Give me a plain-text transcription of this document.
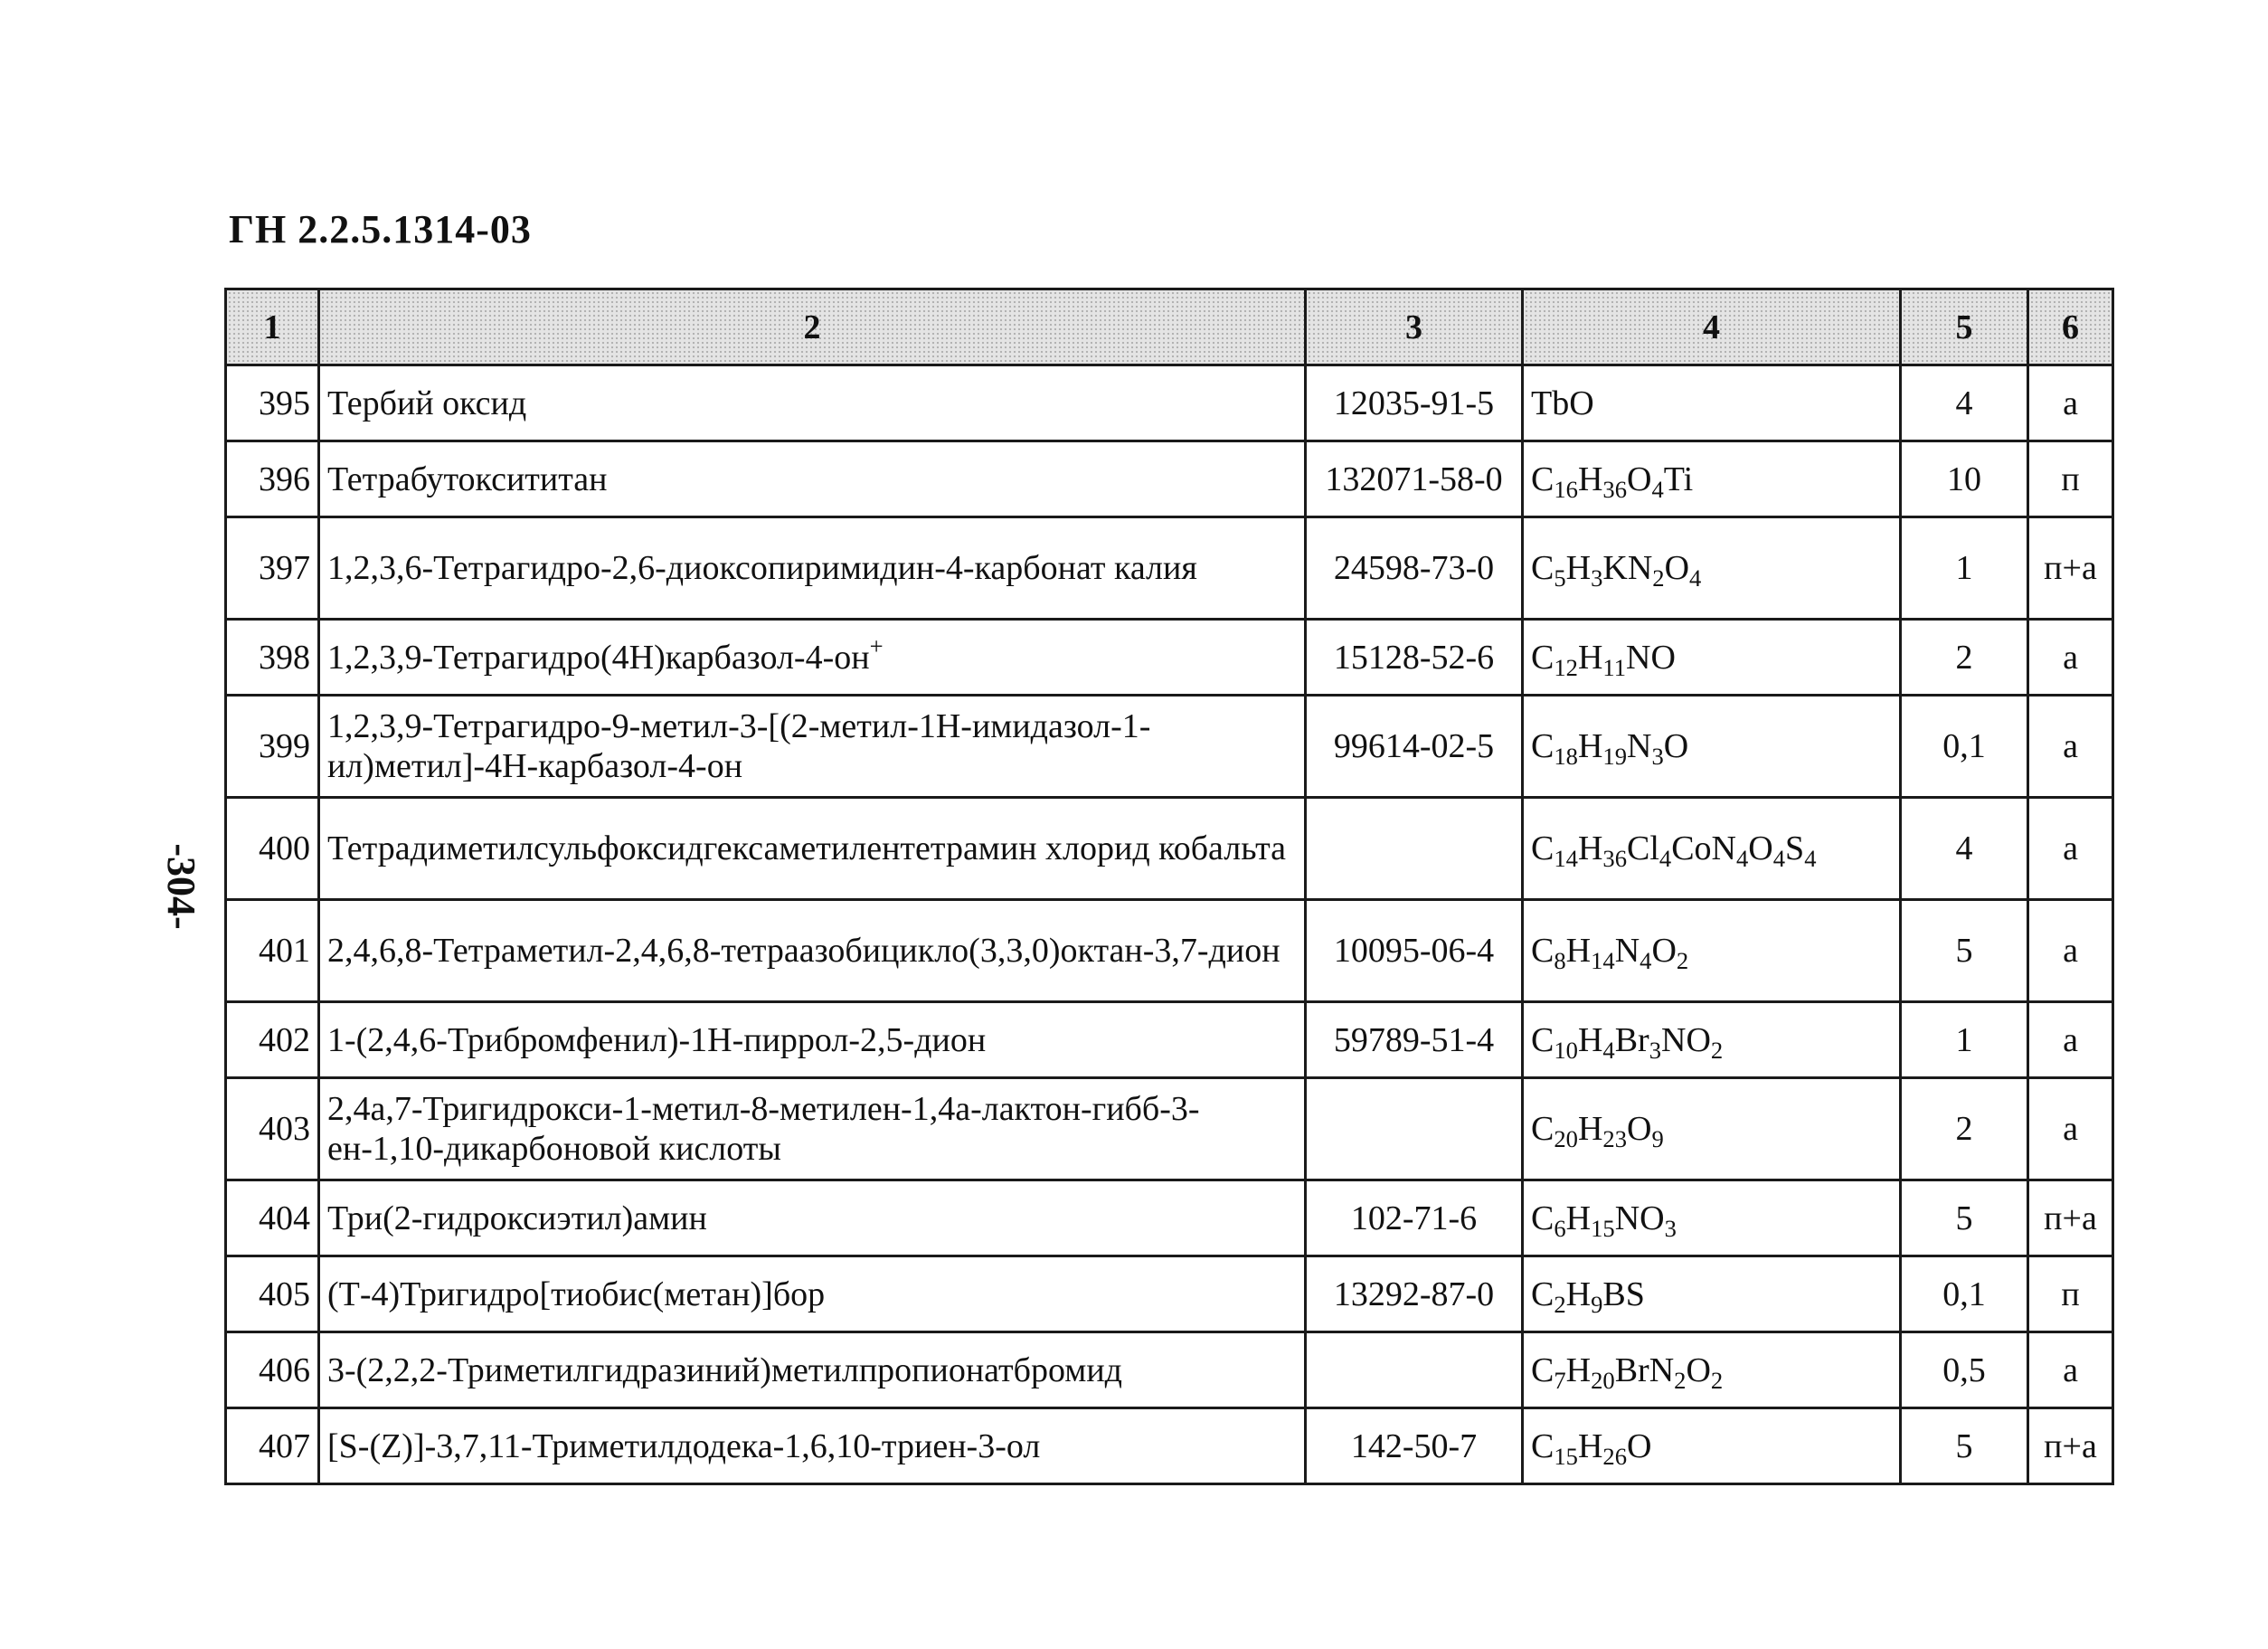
ГН 2.2.5.1314-03
-304-
1	2	3	4	5	6
395	Тербий оксид	12035-91-5	TbO	4	а
396	Тетрабутоксититан	132071-58-0	$C_{16}H_{36}O_4Ti$	10	п
397	1,2,3,6-Тетрагидро-2,6-диоксопиримидин-4-карбонат калия	24598-73-0	$C_5H_3KN_2O_4$	1	п+а
398	1,2,3,9-Тетрагидро(4Н)карбазол-4-он+	15128-52-6	$C_{12}H_{11}NO$	2	а
399	1,2,3,9-Тетрагидро-9-метил-3-[(2-метил-1Н-имидазол-1-ил)метил]-4Н-карбазол-4-он	99614-02-5	$C_{18}H_{19}N_3O$	0,1	а
400	Тетрадиметилсульфоксидгексаметилентетрамин хлорид кобальта		$C_{14}H_{36}Cl_4CoN_4O_4S_4$	4	а
401	2,4,6,8-Тетраметил-2,4,6,8-тетраазобицикло(3,3,0)октан-3,7-дион	10095-06-4	$C_8H_{14}N_4O_2$	5	а
402	1-(2,4,6-Трибромфенил)-1Н-пиррол-2,5-дион	59789-51-4	$C_{10}H_4Br_3NO_2$	1	а
403	2,4а,7-Тригидрокси-1-метил-8-метилен-1,4а-лактон-гибб-3-ен-1,10-дикарбоновой кислоты		$C_{20}H_{23}O_9$	2	а
404	Три(2-гидроксиэтил)амин	102-71-6	$C_6H_{15}NO_3$	5	п+а
405	(Т-4)Тригидро[тиобис(метан)]бор	13292-87-0	$C_2H_9BS$	0,1	п
406	3-(2,2,2-Триметилгидразиний)метилпропионатбромид		$C_7H_{20}BrN_2O_2$	0,5	а
407	[S-(Z)]-3,7,11-Триметилдодека-1,6,10-триен-3-ол	142-50-7	$C_{15}H_{26}O$	5	п+а
